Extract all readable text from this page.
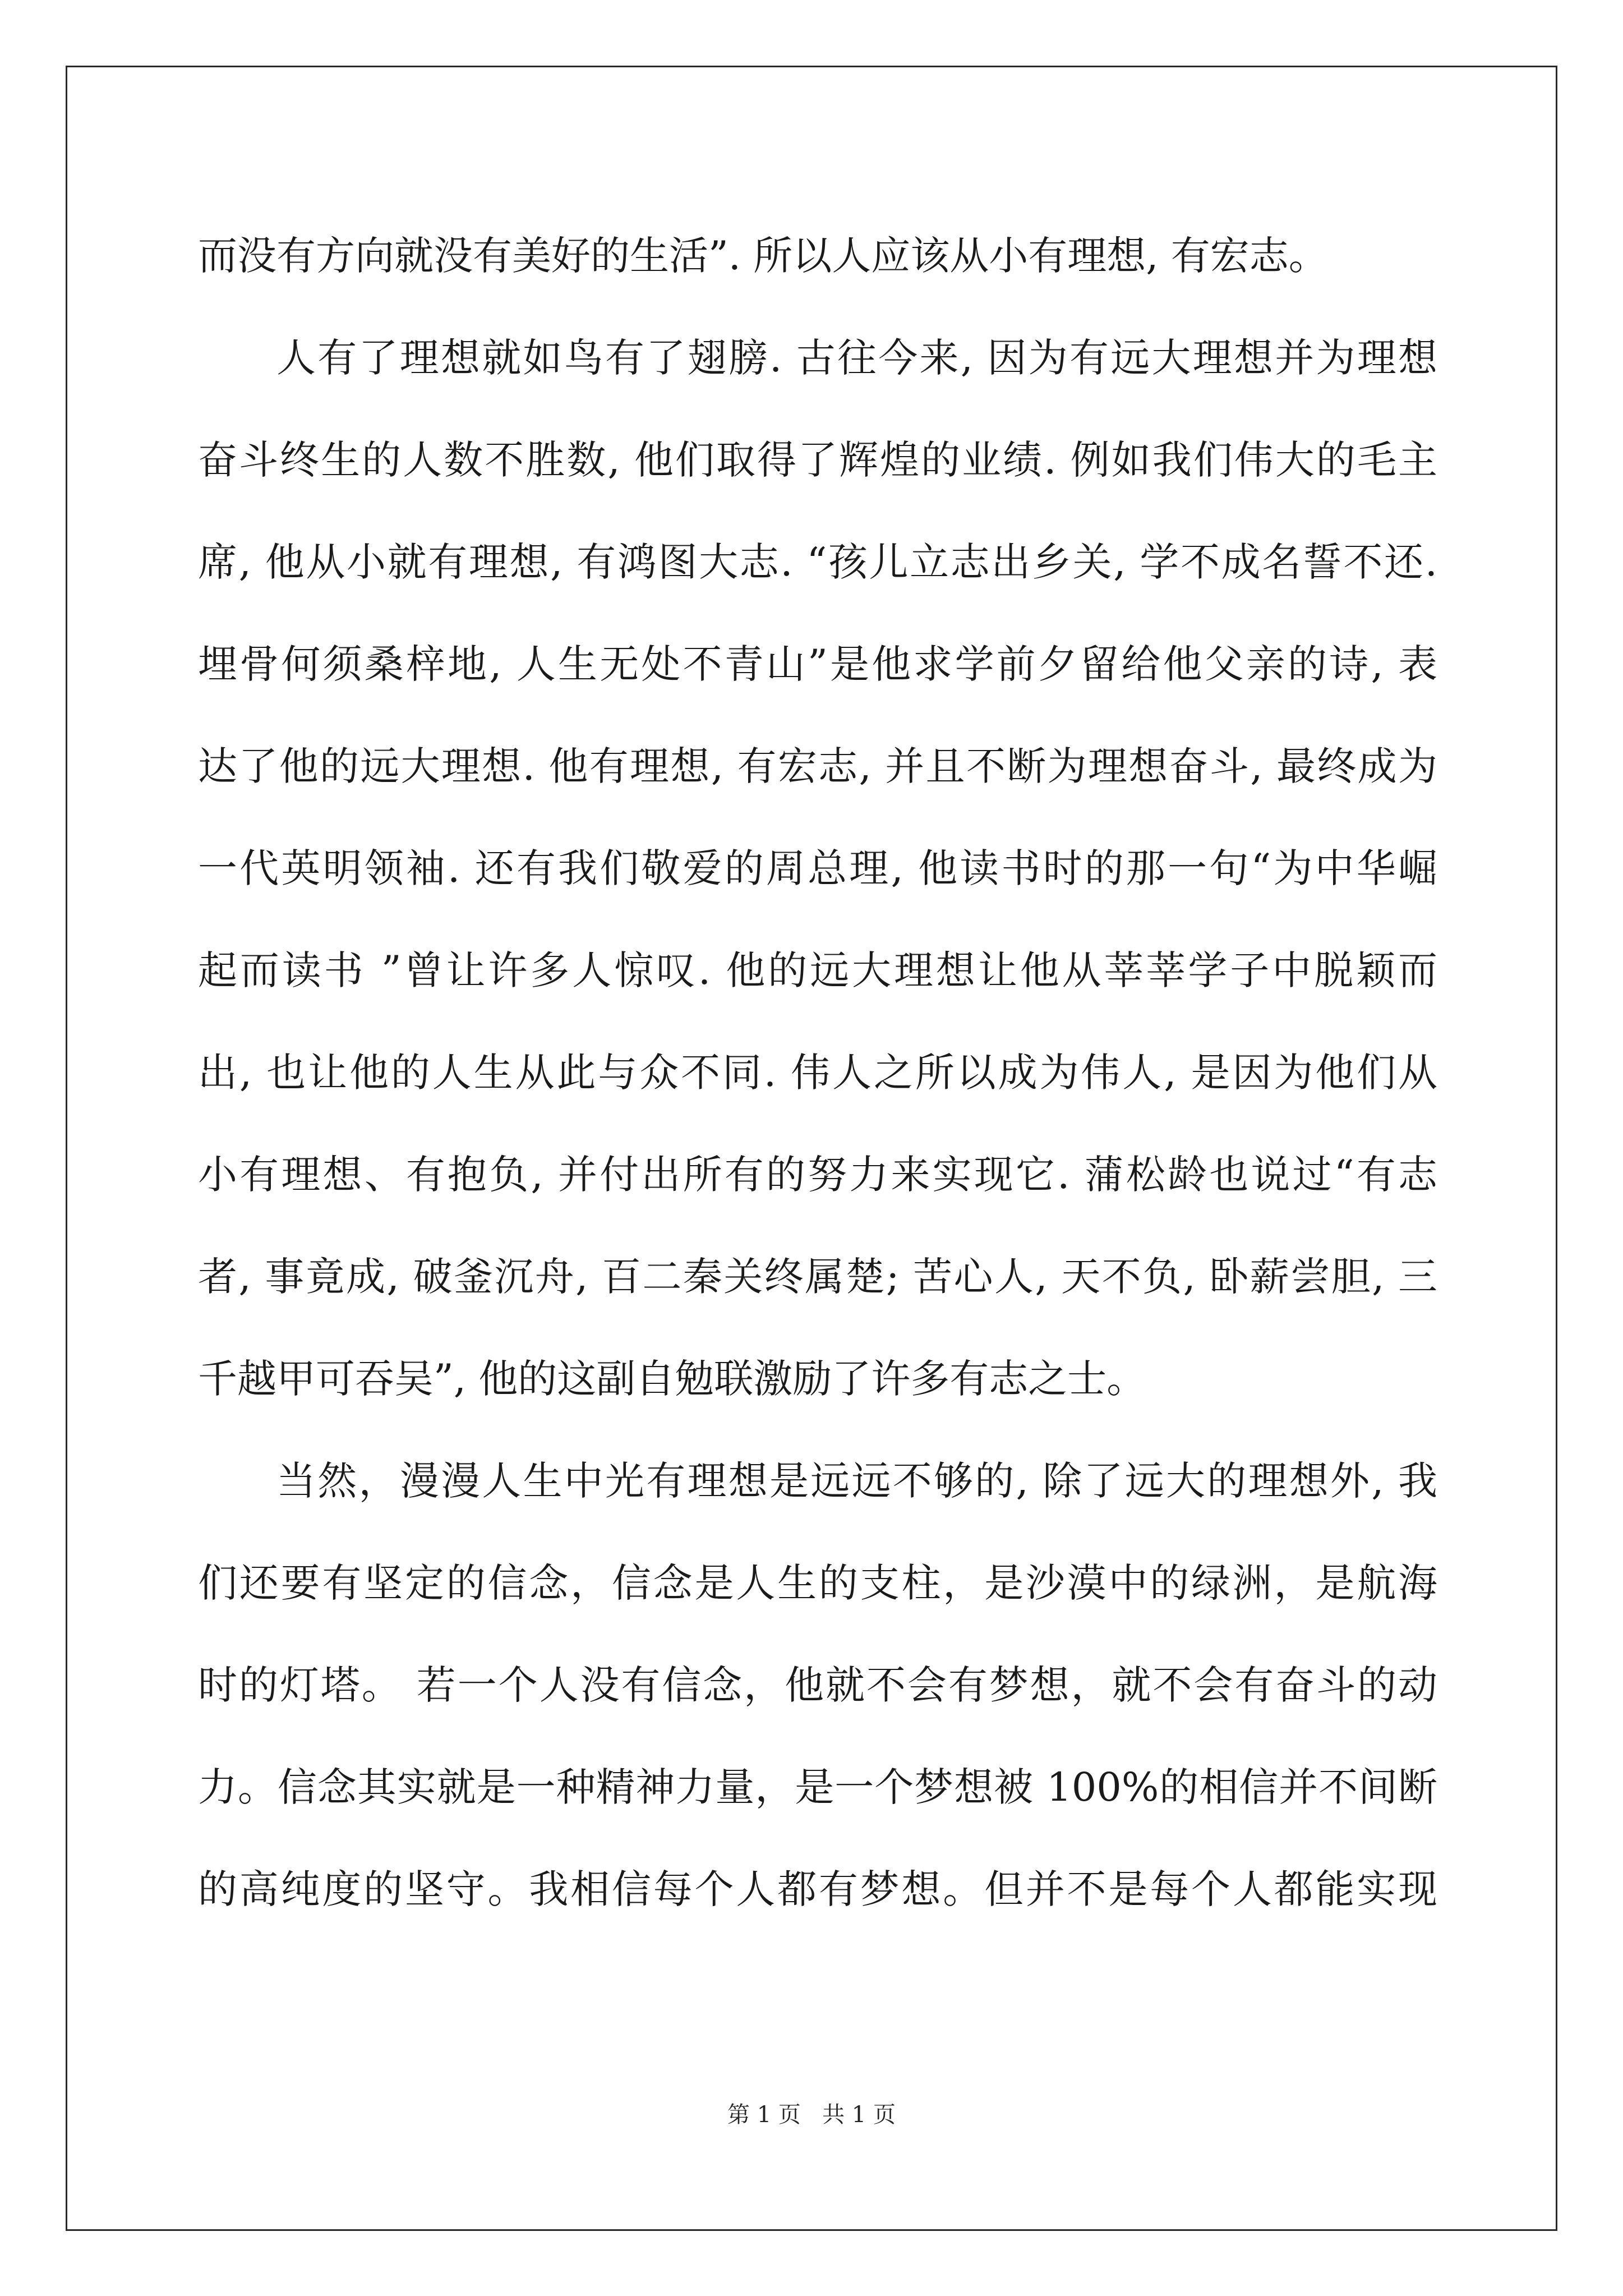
而没有方向就没有美好的生活”. 所以人应该从小有理想, 有宏志。

人有了理想就如鸟有了翅膀. 古往今来, 因为有远大理想并为理想

奋斗终生的人数不胜数, 他们取得了辉煌的业绩. 例如我们伟大的毛主

席, 他从小就有理想, 有鸿图大志. “孩儿立志出乡关, 学不成名誓不还.

埋骨何须桑梓地, 人生无处不青山”是他求学前夕留给他父亲的诗, 表

达了他的远大理想. 他有理想, 有宏志, 并且不断为理想奋斗, 最终成为

一代英明领袖. 还有我们敬爱的周总理, 他读书时的那一句“为中华崛

起而读书 ”曾让许多人惊叹. 他的远大理想让他从莘莘学子中脱颖而

出, 也让他的人生从此与众不同. 伟人之所以成为伟人, 是因为他们从

小有理想、有抱负, 并付出所有的努力来实现它. 蒲松龄也说过“有志

者, 事竟成, 破釜沉舟, 百二秦关终属楚; 苦心人, 天不负, 卧薪尝胆, 三

千越甲可吞吴”, 他的这副自勉联激励了许多有志之士。

当然，漫漫人生中光有理想是远远不够的, 除了远大的理想外, 我

们还要有坚定的信念，信念是人生的支柱，是沙漠中的绿洲，是航海

时的灯塔。 若一个人没有信念，他就不会有梦想，就不会有奋斗的动

力。信念其实就是一种精神力量，是一个梦想被 100%的相信并不间断

的高纯度的坚守。我相信每个人都有梦想。但并不是每个人都能实现

第 1 页   共 1 页
